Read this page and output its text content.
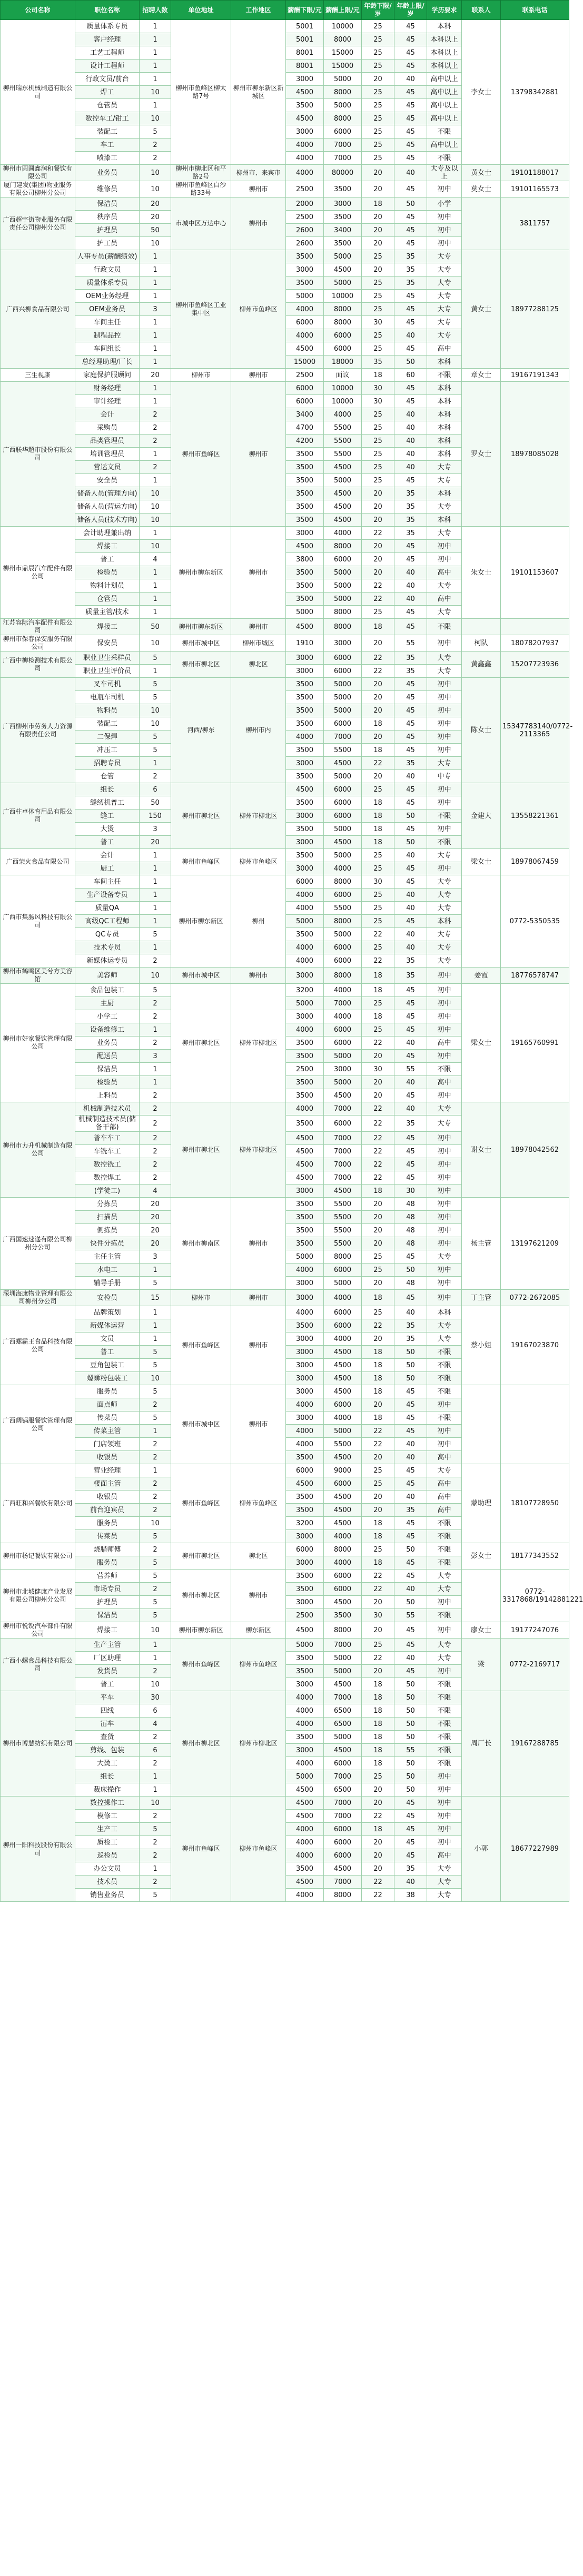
公司名称	职位名称	招聘人数	单位地址	工作地区	薪酬下限/元	薪酬上限/元	年龄下限/岁	年龄上限/岁	学历要求	联系人	联系电话
柳州瑞东机械制造有限公司	质量体系专员	1	柳州市鱼峰区柳太路7号	柳州市柳东新区新城区	5001	10000	25	45	本科	李女士	13798342881
	客户经理	1			5001	8000	25	45	本科以上		
	工艺工程师	1			8001	15000	25	45	本科以上		
	设计工程师	1			8001	15000	25	45	本科以上		
	行政文员/前台	1			3000	5000	20	40	高中以上		
	焊工	10			4500	8000	25	45	高中以上		
	仓管员	1			3500	5000	25	45	高中以上		
	数控车工/钳工	10			4500	8000	25	45	高中以上		
	装配工	5			3000	6000	25	45	不限		
	车工	2			4000	7000	25	45	高中以上		
	喷漆工	2			4000	7000	25	45	不限		
柳州市圆圆鑫润和餐饮有限公司	业务员	10	柳州市柳北区和平路2号	柳州市、来宾市	4000	80000	20	40	大专及以上	黄女士	19101188017
厦门建发(集团)物业服务有限公司柳州分公司	维修员	10	柳州市鱼峰区白沙路33号	柳州市	2500	3500	20	45	初中	莫女士	19101165573
广西超宇街物业服务有限责任公司柳州分公司	保洁员	20	市城中区万达中心	柳州市	2000	3000	18	50	小学		3811757
	秩序员	20			2500	3500	20	45	初中		
	护理员	50			2600	3400	20	45	初中		
	护工员	10			2600	3500	20	45	初中		
广西兴柳食品有限公司	人事专员(薪酬绩效)	1	柳州市鱼峰区工业集中区	柳州市鱼峰区	3500	5000	25	35	大专	黄女士	18977288125
	行政文员	1			3000	4500	20	35	大专		
	质量体系专员	1			3500	5000	25	35	大专		
	OEM业务经理	1			5000	10000	25	45	大专		
	OEM业务员	3			4000	8000	25	45	大专		
	车间主任	1			6000	8000	30	45	大专		
	制程品控	1			4000	6000	25	40	大专		
	车间组长	1			4500	6000	25	45	高中		
	总经理助理/厂长	1			15000	18000	35	50	本科		
三生视康	家庭保护服顾问	20	柳州市	柳州市	2500	面议	18	60	不限	章女士	19167191343
广西联华超市股份有限公司	财务经理	1	柳州市鱼峰区	柳州市	6000	10000	30	45	本科	罗女士	18978085028
	审计经理	1			6000	10000	30	45	本科		
	会计	2			3400	4000	25	40	本科		
	采购员	2			4700	5500	25	40	本科		
	品类管理员	2			4200	5500	25	40	本科		
	培训管理员	1			3500	5500	25	40	本科		
	营运文员	2			3500	4500	25	40	大专		
	安全员	1			3500	5000	25	45	大专		
	储备人员(管理方向)	10			3500	4500	20	35	本科		
	储备人员(营运方向)	10			3500	4500	20	35	大专		
	储备人员(技术方向)	10			3500	4500	20	35	本科		
柳州市鼎辰汽车配件有限公司	会计助理兼出纳	1	柳州市柳东新区	柳州市	3000	4000	22	35	大专	朱女士	19101153607
	焊接工	10			4500	8000	20	45	初中		
	普工	4			3800	6000	20	45	初中		
	检验员	1			3500	5000	20	40	高中		
	物料计划员	1			3500	5000	22	40	大专		
	仓管员	1			3500	5000	22	40	高中		
	质量主管/技术	1			5000	8000	25	45	大专		
江苏容际汽车配件有限公司	焊接工	50	柳州市柳东新区	柳州市	4500	8000	18	45	不限		
柳州市保春保安服务有限公司	保安员	10	柳州市城中区	柳州市城区	1910	3000	20	55	初中	柯队	18078207937
广西中柳检测技术有限公司	职业卫生采样员	5	柳州市柳北区	柳北区	3000	6000	22	35	大专	黄鑫鑫	15207723936
	职业卫生评价员	1			3000	6000	22	35	大专		
广西柳州市劳务人力资源有限责任公司	叉车司机	5	河西/柳东	柳州市内	3500	5000	20	45	初中	陈女士	15347783140/0772-2113365
	电瓶车司机	5			3500	5000	20	45	初中		
	物料员	10			3500	5000	20	45	初中		
	装配工	10			3500	6000	18	45	初中		
	二保焊	5			4000	7000	20	45	初中		
	冲压工	5			3500	5500	18	45	初中		
	招聘专员	1			3000	4500	22	35	大专		
	仓管	2			3500	5000	20	40	中专		
广西柱卓体育用品有限公司	组长	6	柳州市柳北区	柳州市柳北区	4500	6000	25	45	初中	金建大	13558221361
	缝纫机普工	50			3500	6000	18	45	初中		
	缝工	150			3000	6000	18	50	不限		
	大烫	3			3500	5000	18	45	初中		
	普工	20			3000	4500	18	50	不限		
广西荣火食品有限公司	会计	1	柳州市鱼峰区	柳州市鱼峰区	3500	5000	25	40	大专	梁女士	18978067459
	厨工	1			3000	4000	25	45	初中		
广西市集肠风科技有限公司	车间主任	1	柳州市柳东新区	柳州	6000	8000	30	45	大专		0772-5350535
	生产设备专员	1			4000	6000	25	40	大专		
	质量QA	1			4000	5500	25	40	大专		
	高级QC工程师	1			5000	8000	25	45	本科		
	QC专员	5			3500	5000	22	40	大专		
	技术专员	1			4000	6000	25	40	大专		
	新媒体运专员	2			4000	6000	22	35	大专		
柳州市鹤鸣区美兮方美容馆	美容师	10	柳州市城中区	柳州市	3000	8000	18	35	初中	姜霞	18776578747
柳州市好家餐饮管理有限公司	食品包装工	5	柳州市柳北区	柳州市柳北区	3200	4000	18	45	初中	梁女士	19165760991
	主厨	2			5000	7000	25	45	初中		
	小学工	2			3000	4000	18	45	初中		
	设备维修工	1			4000	6000	25	45	初中		
	业务员	2			3500	6000	22	40	高中		
	配送员	3			3500	5000	20	45	初中		
	保洁员	1			2500	3000	30	55	不限		
	检验员	1			3500	5000	20	40	高中		
	上料员	2			3500	4500	20	45	初中		
柳州市力升机械制造有限公司	机械制造技术员	2	柳州市柳北区	柳州市柳北区	4000	7000	22	40	大专	谢女士	18978042562
	机械制造技术员(储备干部)	2			3500	6000	22	35	大专		
	普车车工	2			4500	7000	22	45	初中		
	车铣车工	2			4500	7000	22	45	初中		
	数控铣工	2			4500	7000	22	45	初中		
	数控焊工	2			4500	7000	22	45	初中		
	(学徒工)	4			3000	4500	18	30	初中		
广西国速速递有限公司柳州分公司	分拣员	20	柳州市柳南区	柳州市	3500	5500	20	48	初中	杨主管	13197621209
	扫描员	20			3500	5500	20	48	初中		
	侧拣员	20			3500	5500	20	48	初中		
	快件分拣员	20			3500	5500	20	48	初中		
	主任主管	3			5000	8000	25	45	大专		
	水电工	1			4000	6000	25	50	初中		
	辅导手册	5			3000	5000	20	48	初中		
深圳海康物业管理有限公司柳州分公司	安检员	15	柳州市	柳州市	3000	4000	18	45	初中	丁主管	0772-2672085
广西螺霸王食品科技有限公司	品牌策划	1	柳州市鱼峰区	柳州市	4000	6000	25	40	本科	蔡小姐	19167023870
	新媒体运营	1			3500	6000	22	35	大专		
	文员	1			3000	4000	20	35	大专		
	普工	5			3000	4500	18	50	不限		
	豆角包装工	5			3000	4500	18	50	不限		
	螺蛳粉包装工	10			3000	4500	18	50	不限		
广西阔锅服餐饮管理有限公司	服务员	5	柳州市城中区	柳州市	3000	4500	18	45	不限		
	面点师	2			4000	6000	20	45	初中		
	传菜员	5			3000	4000	18	45	不限		
	传菜主管	1			4000	5000	22	45	初中		
	门店领班	2			4000	5500	22	40	初中		
	收银员	2			3500	4500	20	40	高中		
广西旺和兴餐饮有限公司	营业经理	1	柳州市鱼峰区	柳州市鱼峰区	6000	9000	25	45	大专	蒙助理	18107728950
	楼面主管	2			4500	6000	25	45	高中		
	收银员	2			3500	4500	20	40	高中		
	前台迎宾员	2			3500	4500	20	35	高中		
	服务员	10			3200	4500	18	45	不限		
	传菜员	5			3000	4000	18	45	不限		
柳州市杨记餐饮有限公司	烧腊师傅	2	柳州市柳北区	柳北区	6000	8000	25	50	不限	彭女士	18177343552
	服务员	5			3000	4000	18	45	不限		
柳州市北城健康产业发展有限公司柳州分公司	营养师	5	柳州市柳北区	柳州市	3500	6000	22	45	大专		0772-3317868/19142881221
	市场专员	2			3500	6000	22	40	大专		
	护理员	5			3000	4500	20	50	初中		
	保洁员	5			2500	3500	30	55	不限		
柳州市悦锐汽车部件有限公司	焊接工	10	柳州市柳东新区	柳东新区	4500	8000	20	45	初中	廖女士	19177247076
广西小螺食品科技有限公司	生产主管	1	柳州市鱼峰区	柳州市鱼峰区	5000	7000	25	45	大专	梁	0772-2169717
	厂区助理	1			3500	5000	22	40	大专		
	发货员	2			3500	5000	20	45	初中		
	普工	10			3000	4500	18	50	不限		
柳州市博慧纺织有限公司	平车	30	柳州市柳北区	柳州市柳北区	4000	7000	18	50	不限	周厂长	19167288785
	四线	6			4000	6500	18	50	不限		
	冚车	4			4000	6500	18	50	不限		
	查货	2			3500	5000	18	50	不限		
	剪线、包装	6			3000	4500	18	55	不限		
	大烫工	2			4000	6000	18	50	不限		
	组长	1			5000	7000	25	50	初中		
	裁床操作	1			4500	6500	20	50	初中		
柳州一阳科技股份有限公司	数控操作工	10	柳州市鱼峰区	柳州市鱼峰区	4500	7000	20	45	初中	小郭	18677227989
	模修工	2			4500	7000	22	45	初中		
	生产工	5			4000	6000	18	45	初中		
	质检工	2			4000	6000	20	45	初中		
	巡检员	2			4000	6000	20	45	高中		
	办公文员	1			3500	4500	20	35	大专		
	技术员	2			4500	7000	22	40	大专		
	销售业务员	5			4000	8000	22	38	大专		
